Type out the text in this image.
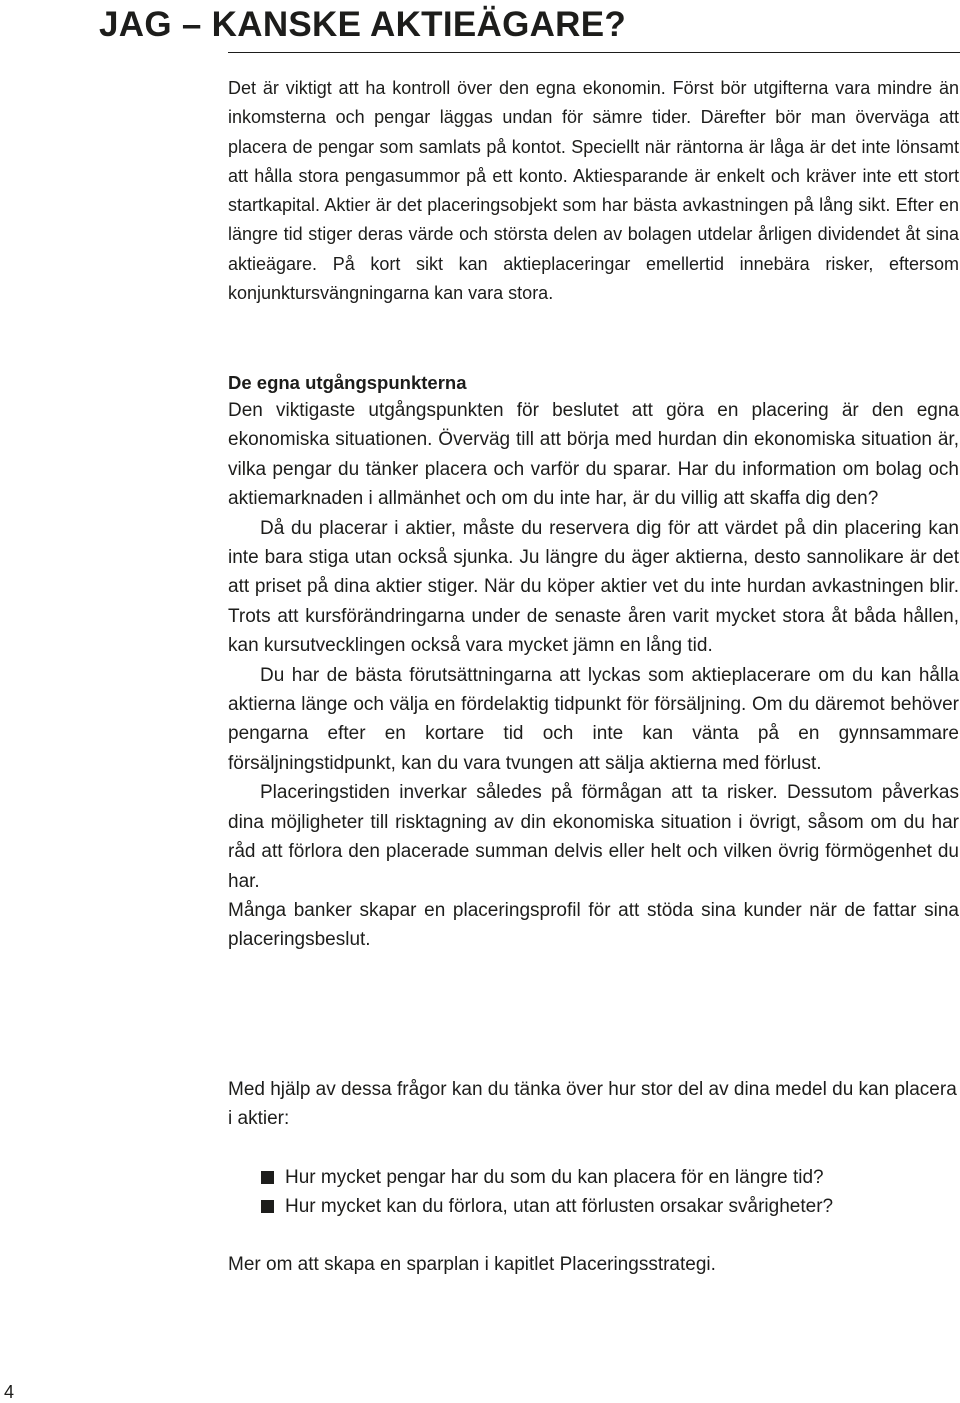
JAG – KANSKE AKTIEÄGARE?

Det är viktigt att ha kontroll över den egna ekonomin. Först bör utgifterna vara mindre än inkomsterna och pengar läggas undan för sämre tider. Därefter bör man överväga att placera de pengar som samlats på kontot. Speciellt när räntorna är låga är det inte lönsamt att hålla stora pengasummor på ett konto. Aktiesparande är enkelt och kräver inte ett stort startkapital. Aktier är det placeringsobjekt som har bästa avkastningen på lång sikt. Efter en längre tid stiger deras värde och största delen av bolagen utdelar årligen dividendet åt sina aktieägare. På kort sikt kan aktieplaceringar emellertid innebära risker, eftersom konjunktursvängningarna kan vara stora.

De egna utgångspunkterna

Den viktigaste utgångspunkten för beslutet att göra en placering är den egna ekonomiska situationen. Överväg till att börja med hurdan din ekonomiska situation är, vilka pengar du tänker placera och varför du sparar. Har du information om bolag och aktiemarknaden i allmänhet och om du inte har, är du villig att skaffa dig den?

Då du placerar i aktier, måste du reservera dig för att värdet på din placering kan inte bara stiga utan också sjunka. Ju längre du äger aktierna, desto sannolikare är det att priset på dina aktier stiger. När du köper aktier vet du inte hurdan avkastningen blir. Trots att kursförändringarna under de senaste åren varit mycket stora åt båda hållen, kan kursutvecklingen också vara mycket jämn en lång tid.

Du har de bästa förutsättningarna att lyckas som aktieplacerare om du kan hålla aktierna länge och välja en fördelaktig tidpunkt för försäljning. Om du däremot behöver pengarna efter en kortare tid och inte kan vänta på en gynnsammare försäljningstidpunkt, kan du vara tvungen att sälja aktierna med förlust.

Placeringstiden inverkar således på förmågan att ta risker. Dessutom påverkas dina möjligheter till risktagning av din ekonomiska situation i övrigt, såsom om du har råd att förlora den placerade summan delvis eller helt och vilken övrig förmögenhet du har.

Många banker skapar en placeringsprofil för att stöda sina kunder när de fattar sina placeringsbeslut.

Med hjälp av dessa frågor kan du tänka över hur stor del av dina medel du kan placera i aktier:

Hur mycket pengar har du som du kan placera för en längre tid?
Hur mycket kan du förlora, utan att förlusten orsakar svårigheter?

Mer om att skapa en sparplan i kapitlet Placeringsstrategi.

4
